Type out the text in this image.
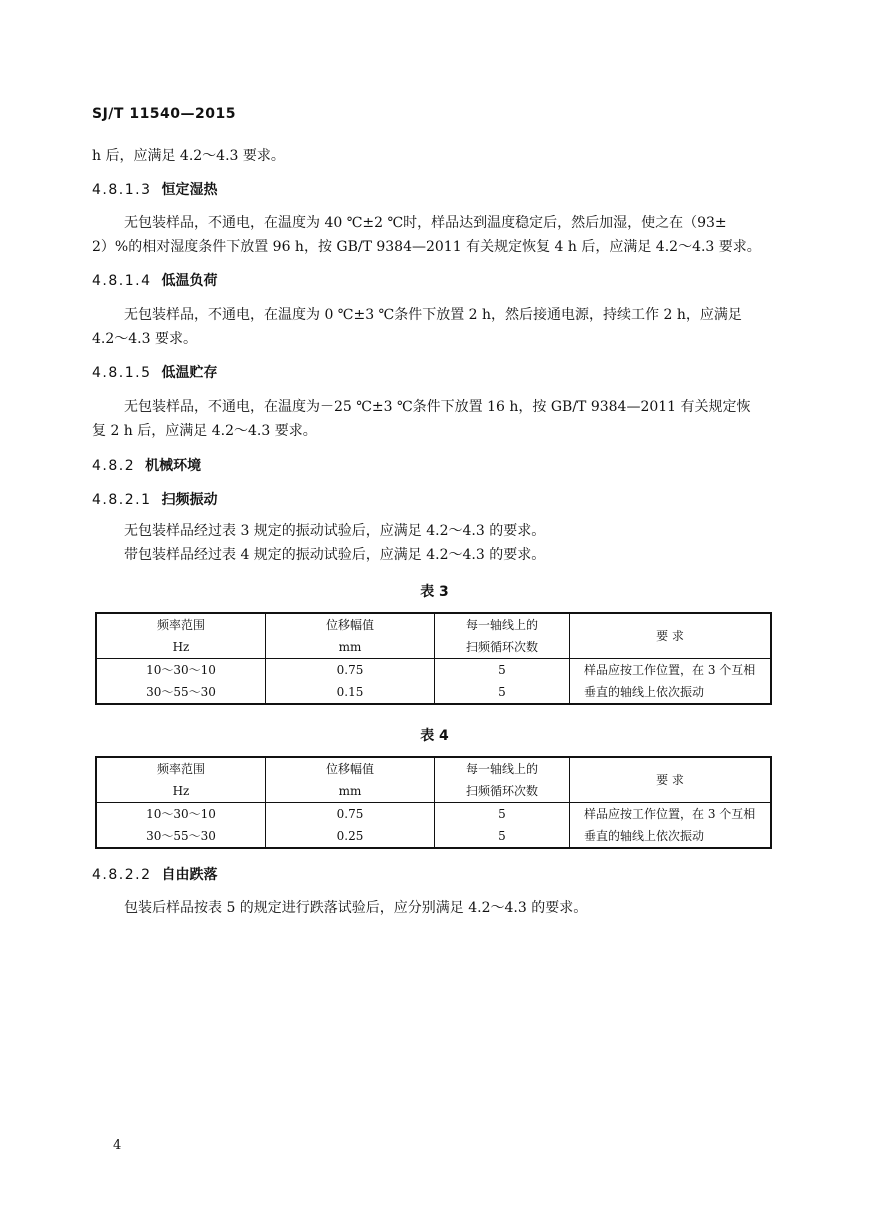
SJ/T 11540—2015
h 后，应满足 4.2～4.3 要求。
4.8.1.3 恒定湿热
无包装样品，不通电，在温度为 40 ℃±2 ℃时，样品达到温度稳定后，然后加湿，使之在（93±
2）%的相对湿度条件下放置 96 h，按 GB/T 9384—2011 有关规定恢复 4 h 后，应满足 4.2～4.3 要求。
4.8.1.4 低温负荷
无包装样品，不通电，在温度为 0 ℃±3 ℃条件下放置 2 h，然后接通电源，持续工作 2 h，应满足
4.2～4.3 要求。
4.8.1.5 低温贮存
无包装样品，不通电，在温度为－25 ℃±3 ℃条件下放置 16 h，按 GB/T 9384—2011 有关规定恢
复 2 h 后，应满足 4.2～4.3 要求。
4.8.2 机械环境
4.8.2.1 扫频振动
无包装样品经过表 3 规定的振动试验后，应满足 4.2～4.3 的要求。
带包装样品经过表 4 规定的振动试验后，应满足 4.2～4.3 的要求。
表 3
频率范围	位移幅值	每一轴线上的	要 求
Hz	mm	扫频循环次数	
10～30～10	0.75	5	样品应按工作位置，在 3 个互相
30～55～30	0.15	5	垂直的轴线上依次振动
表 4
频率范围	位移幅值	每一轴线上的	要 求
Hz	mm	扫频循环次数	
10～30～10	0.75	5	样品应按工作位置，在 3 个互相
30～55～30	0.25	5	垂直的轴线上依次振动
4.8.2.2 自由跌落
包装后样品按表 5 的规定进行跌落试验后，应分别满足 4.2～4.3 的要求。
4
